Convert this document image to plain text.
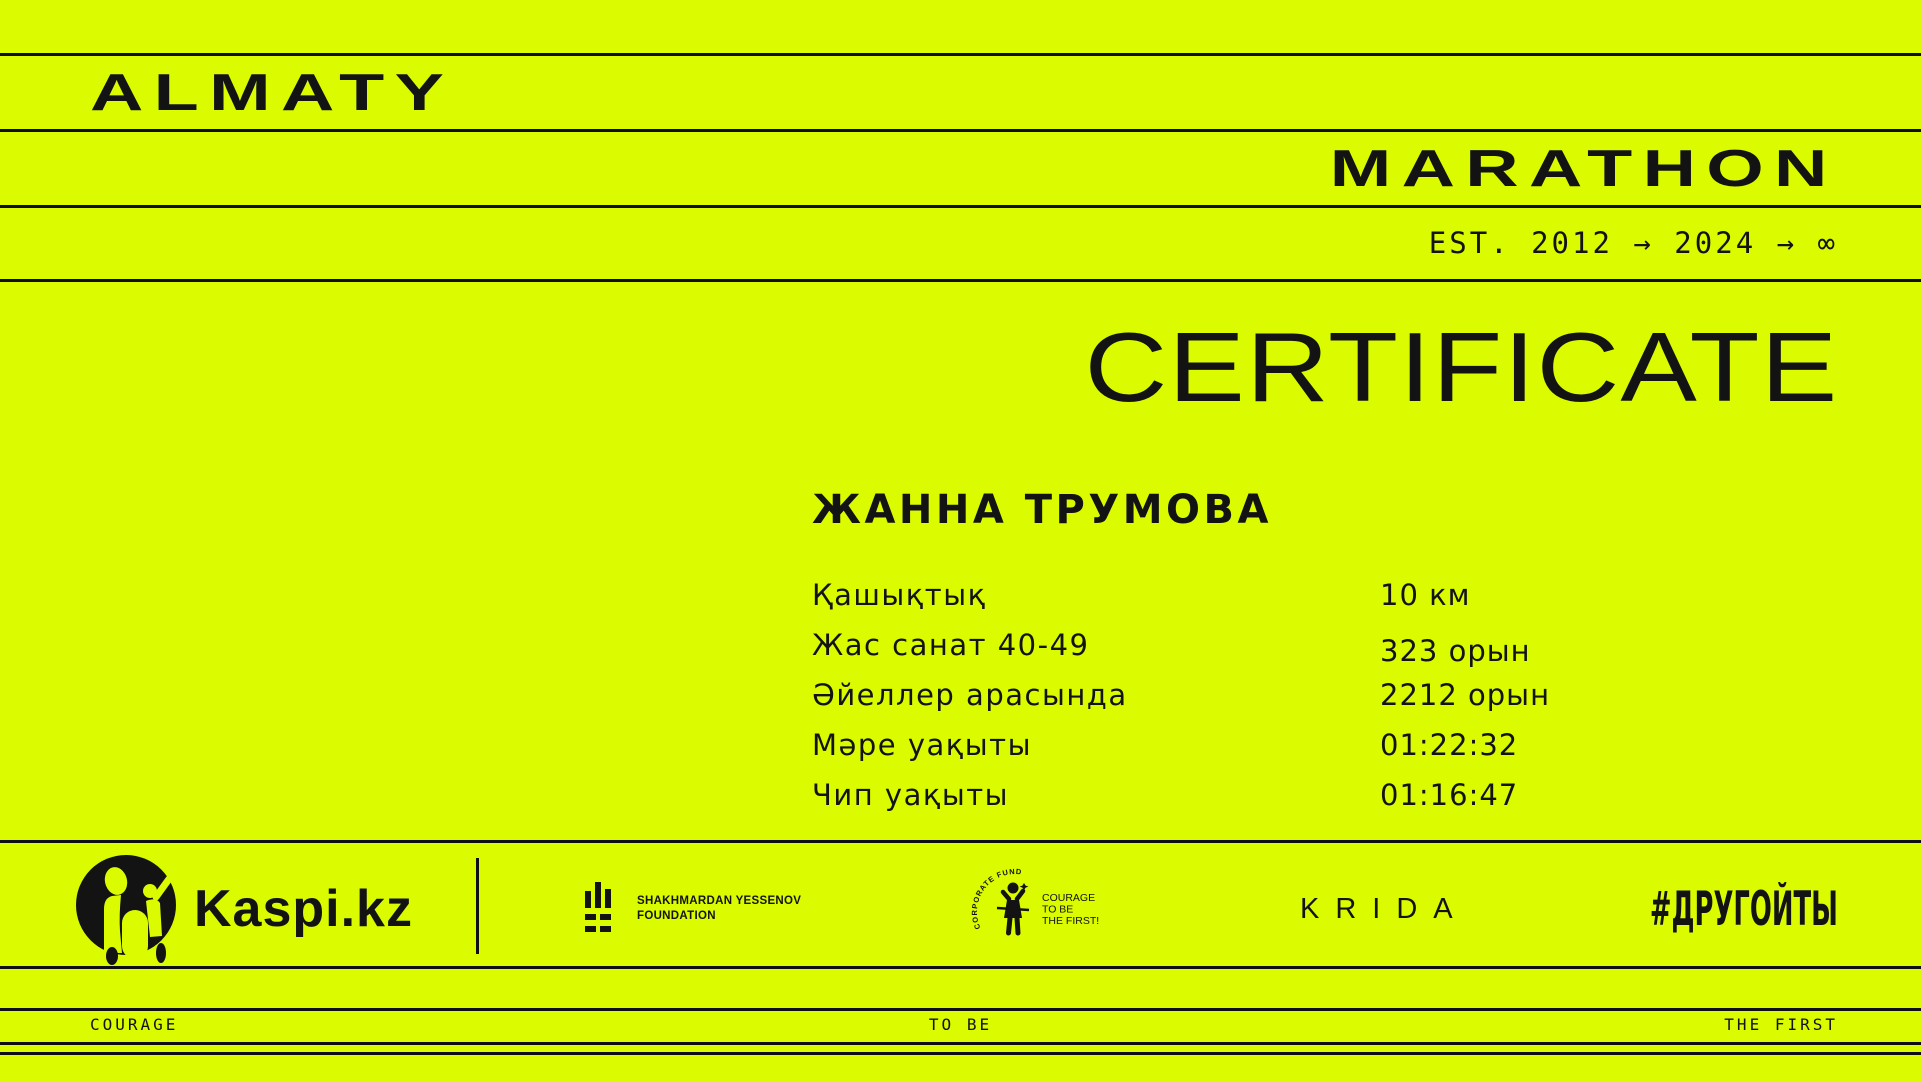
ALMATY
MARATHON
EST. 2012 → 2024 → ∞
CERTIFICATE
ЖАННА ТРУМОВА
Қашықтық	10 км
Жас санат 40-49	323 орын
Әйеллер арасында	2212 орын
Мәре уақыты	01:22:32
Чип уақыты	01:16:47
Kaspi.kz	SHAKHMARDAN YESSENOV
FOUNDATION
CORPORATE FUND
COURAGE
TO BE
THE FIRST!	KRIDA	#ДРУГОЙТЫ
COURAGE	TO BE	THE FIRST
